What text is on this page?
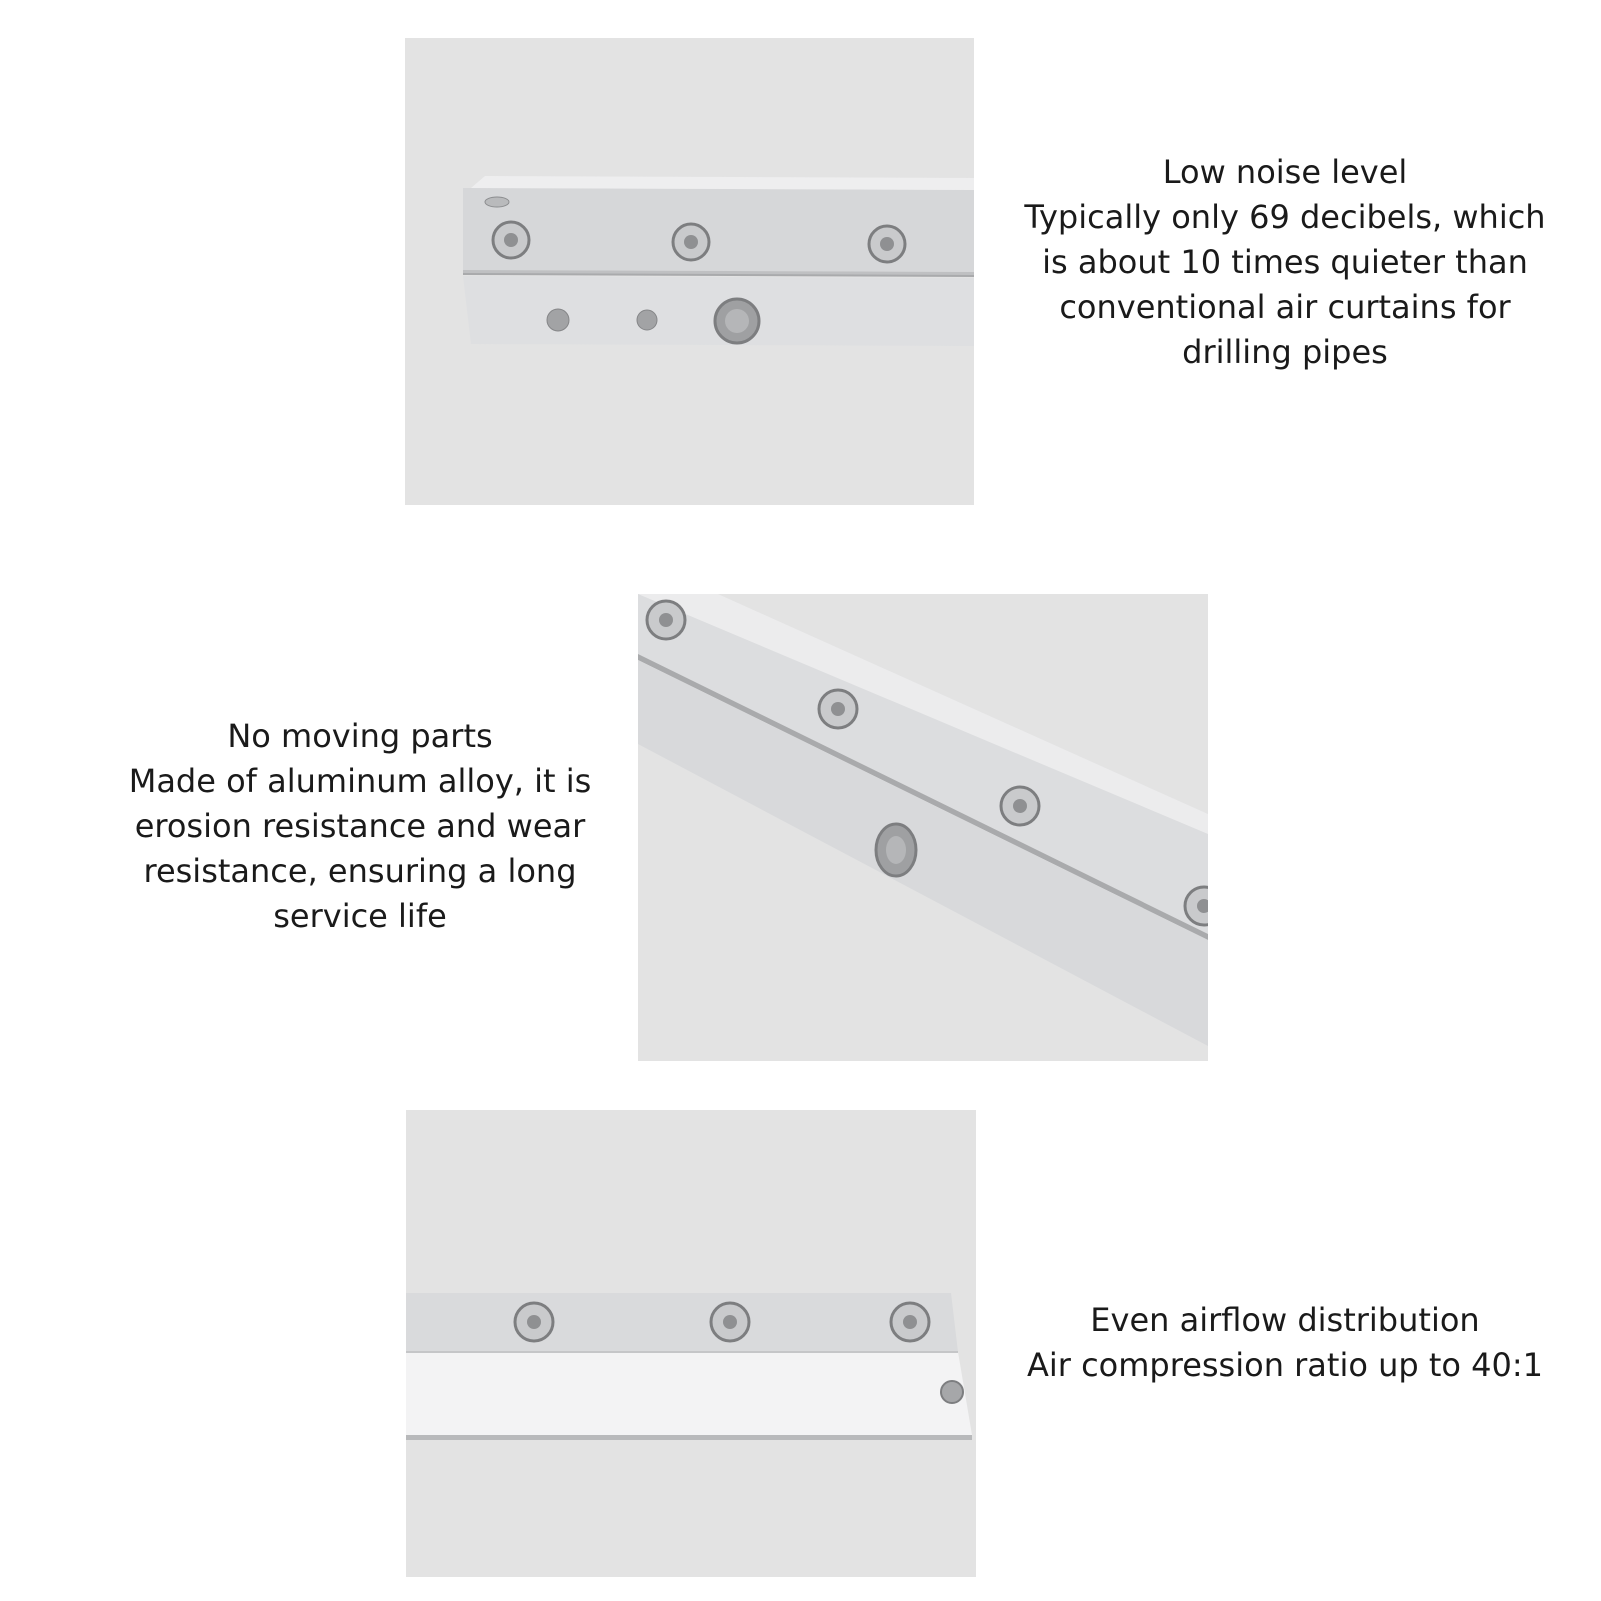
Low noise level
Typically only 69 decibels, which
is about 10 times quieter than
conventional air curtains for
drilling pipes
No moving parts
Made of aluminum alloy, it is
erosion resistance and wear
resistance, ensuring a long
service life
Even airflow distribution
Air compression ratio up to 40:1
